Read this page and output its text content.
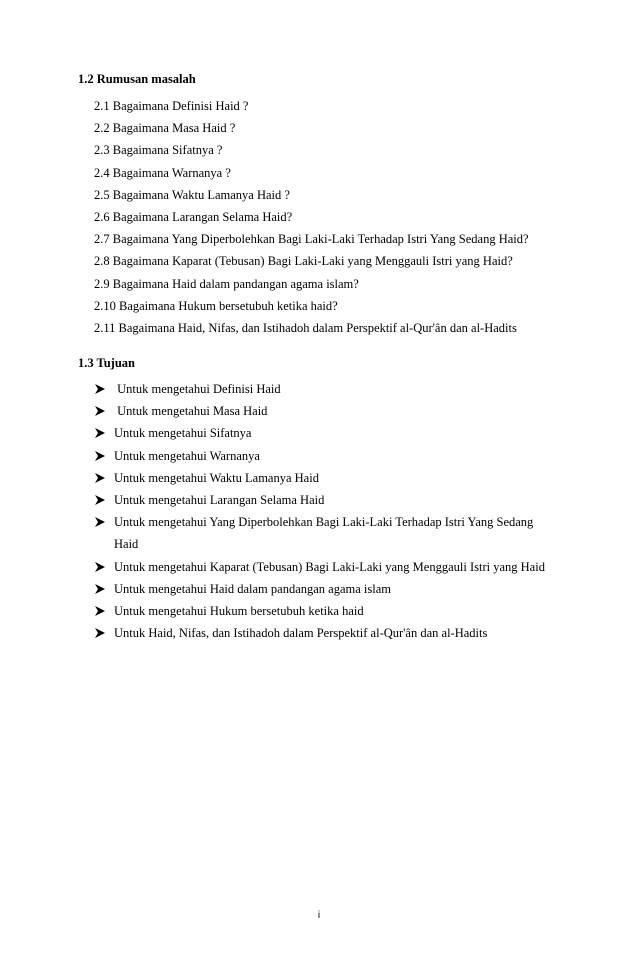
1.2 Rumusan masalah
2.1 Bagaimana Definisi Haid ?
2.2 Bagaimana Masa Haid ?
2.3 Bagaimana Sifatnya ?
2.4 Bagaimana Warnanya ?
2.5 Bagaimana Waktu Lamanya Haid ?
2.6 Bagaimana Larangan Selama Haid?
2.7 Bagaimana Yang Diperbolehkan Bagi Laki-Laki Terhadap Istri Yang Sedang Haid?
2.8 Bagaimana Kaparat (Tebusan) Bagi Laki-Laki yang Menggauli Istri yang Haid?
2.9 Bagaimana Haid dalam pandangan agama islam?
2.10 Bagaimana Hukum bersetubuh ketika haid?
2.11 Bagaimana Haid, Nifas, dan Istihadoh dalam Perspektif al-Qur'ân dan al-Hadits
1.3 Tujuan
Untuk mengetahui Definisi Haid
Untuk mengetahui Masa Haid
Untuk mengetahui Sifatnya
Untuk mengetahui Warnanya
Untuk mengetahui Waktu Lamanya Haid
Untuk mengetahui Larangan Selama Haid
Untuk mengetahui Yang Diperbolehkan Bagi Laki-Laki Terhadap Istri Yang Sedang
Haid
Untuk mengetahui Kaparat (Tebusan) Bagi Laki-Laki yang Menggauli Istri yang Haid
Untuk mengetahui Haid dalam pandangan agama islam
Untuk mengetahui Hukum bersetubuh ketika haid
Untuk Haid, Nifas, dan Istihadoh dalam Perspektif al-Qur'ân dan al-Hadits
i
